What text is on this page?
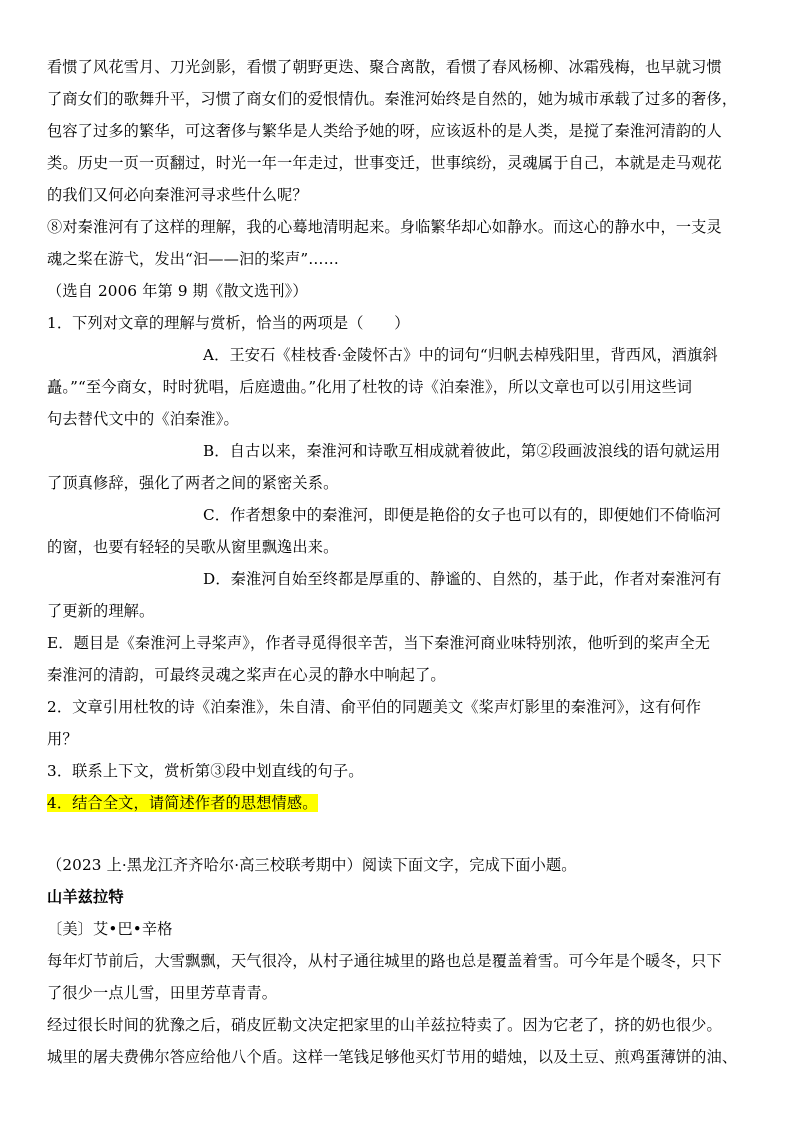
看惯了风花雪月、刀光剑影，看惯了朝野更迭、聚合离散，看惯了春风杨柳、冰霜残梅，也早就习惯
了商女们的歌舞升平，习惯了商女们的爱恨情仇。秦淮河始终是自然的，她为城市承载了过多的奢侈，
包容了过多的繁华，可这奢侈与繁华是人类给予她的呀，应该返朴的是人类，是搅了秦淮河清韵的人
类。历史一页一页翻过，时光一年一年走过，世事变迁，世事缤纷，灵魂属于自己，本就是走马观花
的我们又何必向秦淮河寻求些什么呢？
⑧对秦淮河有了这样的理解，我的心蓦地清明起来。身临繁华却心如静水。而这心的静水中，一支灵
魂之桨在游弋，发出“汩——汩的桨声”……
（选自 2006 年第 9 期《散文选刊》）
1．下列对文章的理解与赏析，恰当的两项是（　　）
A．王安石《桂枝香·金陵怀古》中的词句“归帆去棹残阳里，背西风，酒旗斜
矗。”“至今商女，时时犹唱，后庭遗曲。”化用了杜牧的诗《泊秦淮》，所以文章也可以引用这些词
句去替代文中的《泊秦淮》。
B．自古以来，秦淮河和诗歌互相成就着彼此，第②段画波浪线的语句就运用
了顶真修辞，强化了两者之间的紧密关系。
C．作者想象中的秦淮河，即便是艳俗的女子也可以有的，即便她们不倚临河
的窗，也要有轻轻的吴歌从窗里飘逸出来。
D．秦淮河自始至终都是厚重的、静谧的、自然的，基于此，作者对秦淮河有
了更新的理解。
E．题目是《秦淮河上寻桨声》，作者寻觅得很辛苦，当下秦淮河商业味特别浓，他听到的桨声全无
秦淮河的清韵，可最终灵魂之桨声在心灵的静水中响起了。
2．文章引用杜牧的诗《泊秦淮》，朱自清、俞平伯的同题美文《桨声灯影里的秦淮河》，这有何作
用？
3．联系上下文，赏析第③段中划直线的句子。
4．结合全文，请简述作者的思想情感。
（2023 上·黑龙江齐齐哈尔·高三校联考期中）阅读下面文字，完成下面小题。
山羊兹拉特
〔美〕艾•巴•辛格
每年灯节前后，大雪飘飘，天气很冷，从村子通往城里的路也总是覆盖着雪。可今年是个暖冬，只下
了很少一点儿雪，田里芳草青青。
经过很长时间的犹豫之后，硝皮匠勒文决定把家里的山羊兹拉特卖了。因为它老了，挤的奶也很少。
城里的屠夫费佛尔答应给他八个盾。这样一笔钱足够他买灯节用的蜡烛，以及土豆、煎鸡蛋薄饼的油、
